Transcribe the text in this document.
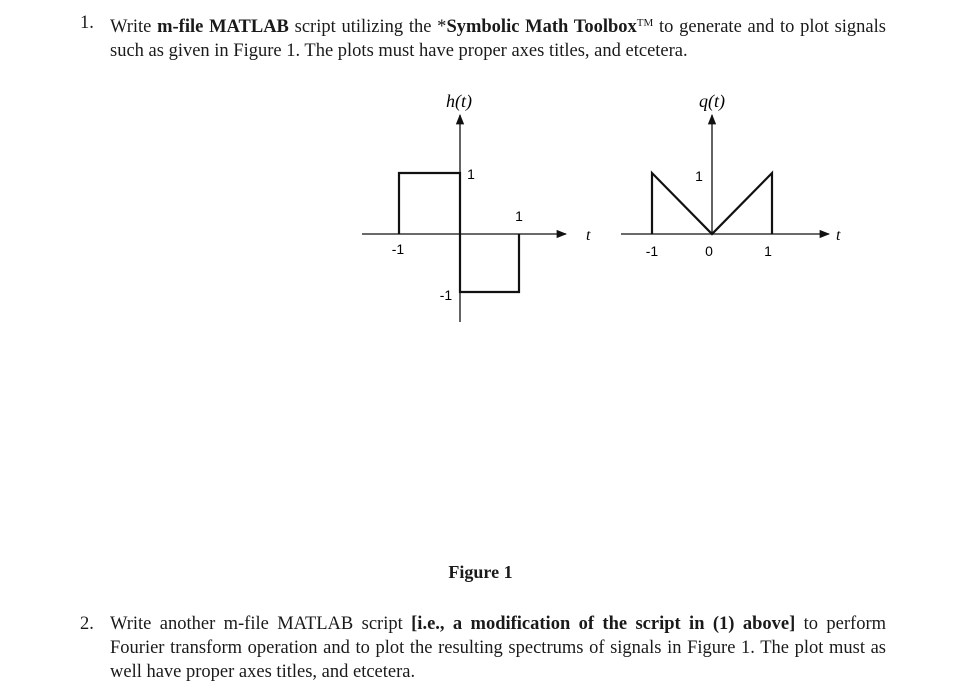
1. Write m-file MATLAB script utilizing the *Symbolic Math Toolbox™ to generate and to plot signals such as given in Figure 1. The plots must have proper axes titles, and etcetera.
h(t)
t
-1
1
1
-1
q(t)
t
-1	0	1
1
Figure 1
2. Write another m-file MATLAB script [i.e., a modification of the script in (1) above] to perform Fourier transform operation and to plot the resulting spectrums of signals in Figure 1. The plot must as well have proper axes titles, and etcetera.
